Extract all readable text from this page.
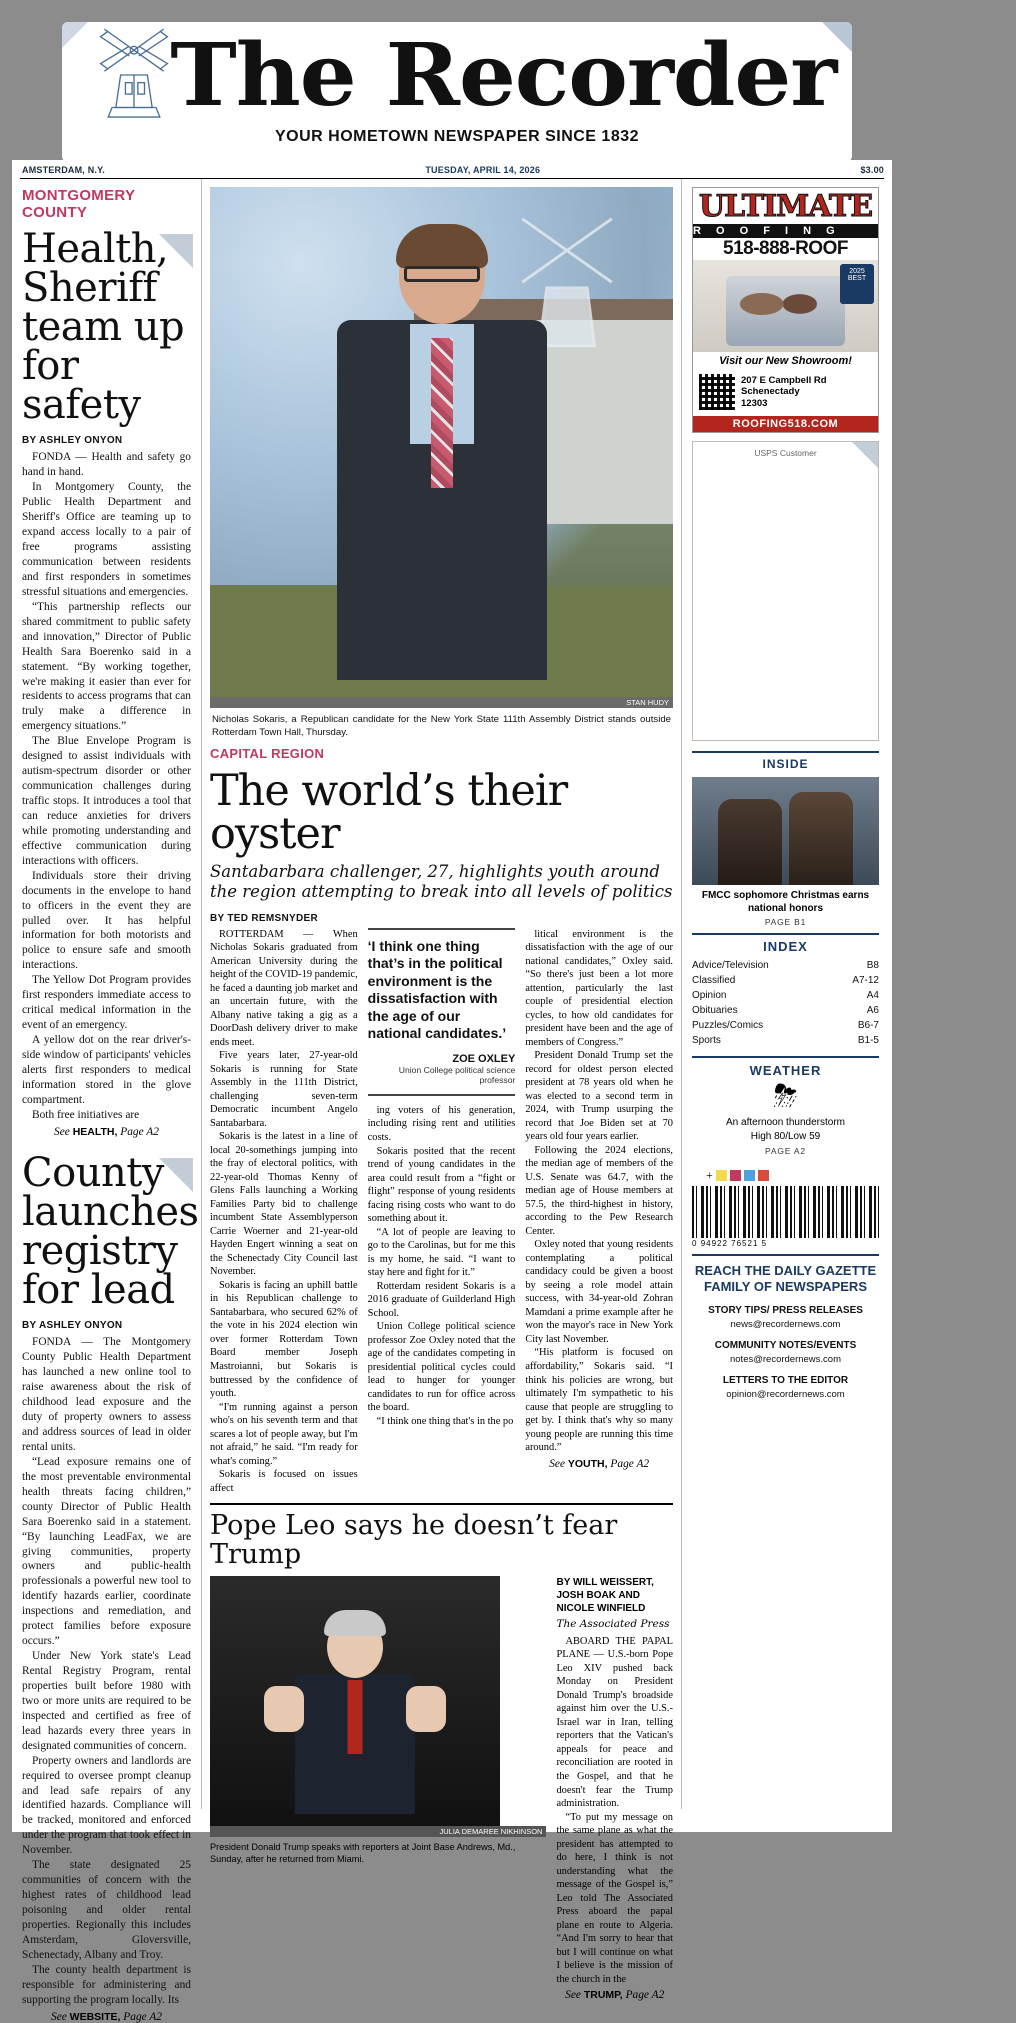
The Recorder
YOUR HOMETOWN NEWSPAPER SINCE 1832
AMSTERDAM, N.Y.	TUESDAY, APRIL 14, 2026	$3.00
MONTGOMERY COUNTY
Health, Sheriff team up for safety
BY ASHLEY ONYON

FONDA — Health and safety go hand in hand.

In Montgomery County, the Public Health Department and Sheriff's Office are teaming up to expand access locally to a pair of free programs assisting communication between residents and first responders in sometimes stressful situations and emergencies.

“This partnership reflects our shared commitment to public safety and innovation,” Director of Public Health Sara Boerenko said in a statement. “By working together, we're making it easier than ever for residents to access programs that can truly make a difference in emergency situations.”

The Blue Envelope Program is designed to assist individuals with autism-spectrum disorder or other communication challenges during traffic stops. It introduces a tool that can reduce anxieties for drivers while promoting understanding and effective communication during interactions with officers.

Individuals store their driving documents in the envelope to hand to officers in the event they are pulled over. It has helpful information for both motorists and police to ensure safe and smooth interactions.

The Yellow Dot Program provides first responders immediate access to critical medical information in the event of an emergency.

A yellow dot on the rear driver's-side window of participants' vehicles alerts first responders to medical information stored in the glove compartment.

Both free initiatives are

See HEALTH, Page A2
County launches registry for lead
BY ASHLEY ONYON

FONDA — The Montgomery County Public Health Department has launched a new online tool to raise awareness about the risk of childhood lead exposure and the duty of property owners to assess and address sources of lead in older rental units.

“Lead exposure remains one of the most preventable environmental health threats facing children,” county Director of Public Health Sara Boerenko said in a statement. “By launching LeadFax, we are giving communities, property owners and public-health professionals a powerful new tool to identify hazards earlier, coordinate inspections and remediation, and protect families before exposure occurs.”

Under New York state's Lead Rental Registry Program, rental properties built before 1980 with two or more units are required to be inspected and certified as free of lead hazards every three years in designated communities of concern.

Property owners and landlords are required to oversee prompt cleanup and lead safe repairs of any identified hazards. Compliance will be tracked, monitored and enforced under the program that took effect in November.

The state designated 25 communities of concern with the highest rates of childhood lead poisoning and older rental properties. Regionally this includes Amsterdam, Gloversville, Schenectady, Albany and Troy.

The county health department is responsible for administering and supporting the program locally. Its

See WEBSITE, Page A2
STAN HUDY
Nicholas Sokaris, a Republican candidate for the New York State 111th Assembly District stands outside Rotterdam Town Hall, Thursday.
CAPITAL REGION
The world’s their oyster
Santabarbara challenger, 27, highlights youth around the region attempting to break into all levels of politics
BY TED REMSNYDER

ROTTERDAM — When Nicholas Sokaris graduated from American University during the height of the COVID-19 pandemic, he faced a daunting job market and an uncertain future, with the Albany native taking a gig as a DoorDash delivery driver to make ends meet.

Five years later, 27-year-old Sokaris is running for State Assembly in the 111th District, challenging seven-term Democratic incumbent Angelo Santabarbara.

Sokaris is the latest in a line of local 20-somethings jumping into the fray of electoral politics, with 22-year-old Thomas Kenny of Glens Falls launching a Working Families Party bid to challenge incumbent State Assemblyperson Carrie Woerner and 21-year-old Hayden Engert winning a seat on the Schenectady City Council last November.

Sokaris is facing an uphill battle in his Republican challenge to Santabarbara, who secured 62% of the vote in his 2024 election win over former Rotterdam Town Board member Joseph Mastroianni, but Sokaris is buttressed by the confidence of youth.

“I'm running against a person who's on his seventh term and that scares a lot of people away, but I'm not afraid,” he said. “I'm ready for what's coming.”

Sokaris is focused on issues affect

‘I think one thing that’s in the political environment is the dissatisfaction with the age of our national candidates.’
ZOE OXLEY
Union College political science professor

ing voters of his generation, including rising rent and utilities costs.

Sokaris posited that the recent trend of young candidates in the area could result from a “fight or flight” response of young residents facing rising costs who want to do something about it.

“A lot of people are leaving to go to the Carolinas, but for me this is my home, he said. “I want to stay here and fight for it.”

Rotterdam resident Sokaris is a 2016 graduate of Guilderland High School.

Union College political science professor Zoe Oxley noted that the age of the candidates competing in presidential political cycles could lead to hunger for younger candidates to run for office across the board.

“I think one thing that's in the po

litical environment is the dissatisfaction with the age of our national candidates,” Oxley said. “So there's just been a lot more attention, particularly the last couple of presidential election cycles, to how old candidates for president have been and the age of members of Congress.”

President Donald Trump set the record for oldest person elected president at 78 years old when he was elected to a second term in 2024, with Trump usurping the record that Joe Biden set at 70 years old four years earlier.

Following the 2024 elections, the median age of members of the U.S. Senate was 64.7, with the median age of House members at 57.5, the third-highest in history, according to the Pew Research Center.

Oxley noted that young residents contemplating a political candidacy could be given a boost by seeing a role model attain success, with 34-year-old Zohran Mamdani a prime example after he won the mayor's race in New York City last November.

“His platform is focused on affordability,” Sokaris said. “I think his policies are wrong, but ultimately I'm sympathetic to his cause that people are struggling to get by. I think that's why so many young people are running this time around.”

See YOUTH, Page A2
Pope Leo says he doesn’t fear Trump
JULIA DEMAREE NIKHINSON
President Donald Trump speaks with reporters at Joint Base Andrews, Md., Sunday, after he returned from Miami.
BY WILL WEISSERT, JOSH BOAK AND NICOLE WINFIELD
The Associated Press

ABOARD THE PAPAL PLANE — U.S.-born Pope Leo XIV pushed back Monday on President Donald Trump's broadside against him over the U.S.-Israel war in Iran, telling reporters that the Vatican's appeals for peace and reconciliation are rooted in the Gospel, and that he doesn't fear the Trump administration.

“To put my message on the same plane as what the president has attempted to do here, I think is not understanding what the message of the Gospel is,” Leo told The Associated Press aboard the papal plane en route to Algeria. “And I'm sorry to hear that but I will continue on what I believe is the mission of the church in the

See TRUMP, Page A2
ULTIMATE
R O O F I N G
518-888-ROOF
2025 BEST
Visit our New Showroom!
207 E Campbell Rd
Schenectady
12303
ROOFING518.COM
USPS Customer
INSIDE
FMCC sophomore Christmas earns national honors
PAGE B1
INDEX
Advice/Television	B8
Classified	A7-12
Opinion	A4
Obituaries	A6
Puzzles/Comics	B6-7
Sports	B1-5
WEATHER
⛈
An afternoon thunderstorm
High 80/Low 59
PAGE A2
+
0 94922 76521 5
REACH THE DAILY GAZETTE FAMILY OF NEWSPAPERS
STORY TIPS/ PRESS RELEASES
news@recordernews.com
COMMUNITY NOTES/EVENTS
notes@recordernews.com
LETTERS TO THE EDITOR
opinion@recordernews.com
